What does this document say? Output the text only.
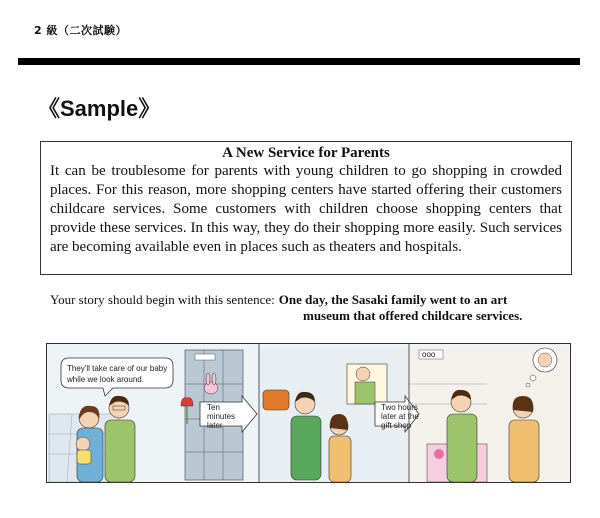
2 級（二次試験）
《Sample》
A New Service for Parents
It can be troublesome for parents with young children to go shopping in crowded places. For this reason, more shopping centers have started offering their customers childcare services. Some customers with children choose shopping centers that provide these services. In this way, they do their shopping more easily. Such services are becoming available even in places such as theaters and hospitals.
Your story should begin with this sentence: One day, the Sasaki family went to an art
museum that offered childcare services.
They'll take care of our baby
while we look around.
Ten
minutes
later
ooo
Two hours
later at the
gift shop
